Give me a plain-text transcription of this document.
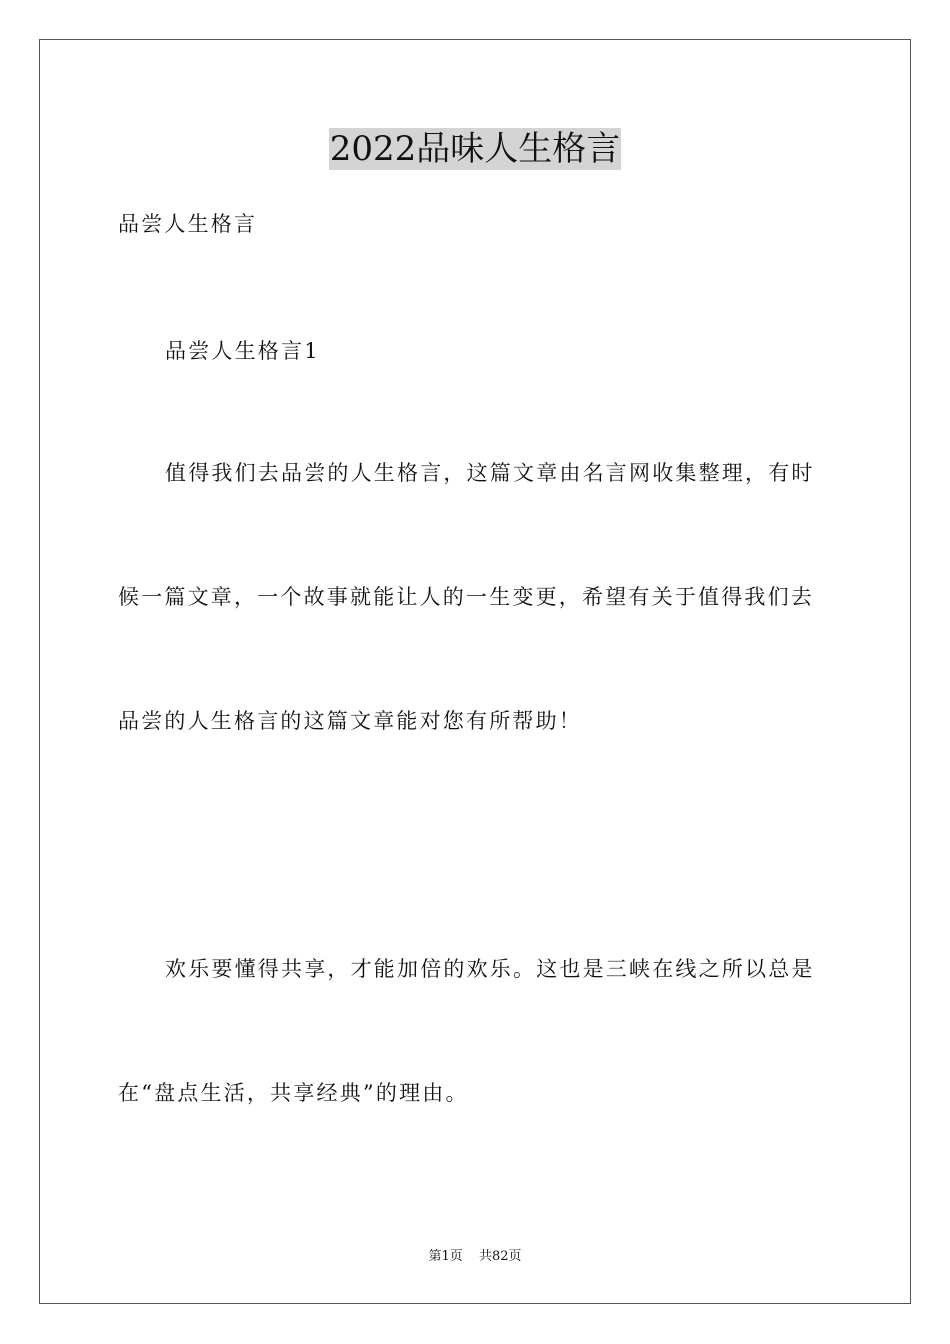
2022品味人生格言
品尝人生格言
品尝人生格言1
值得我们去品尝的人生格言，这篇文章由名言网收集整理，有时
候一篇文章，一个故事就能让人的一生变更，希望有关于值得我们去
品尝的人生格言的这篇文章能对您有所帮助！
欢乐要懂得共享，才能加倍的欢乐。这也是三峡在线之所以总是
在“盘点生活，共享经典”的理由。
第1页 共82页
